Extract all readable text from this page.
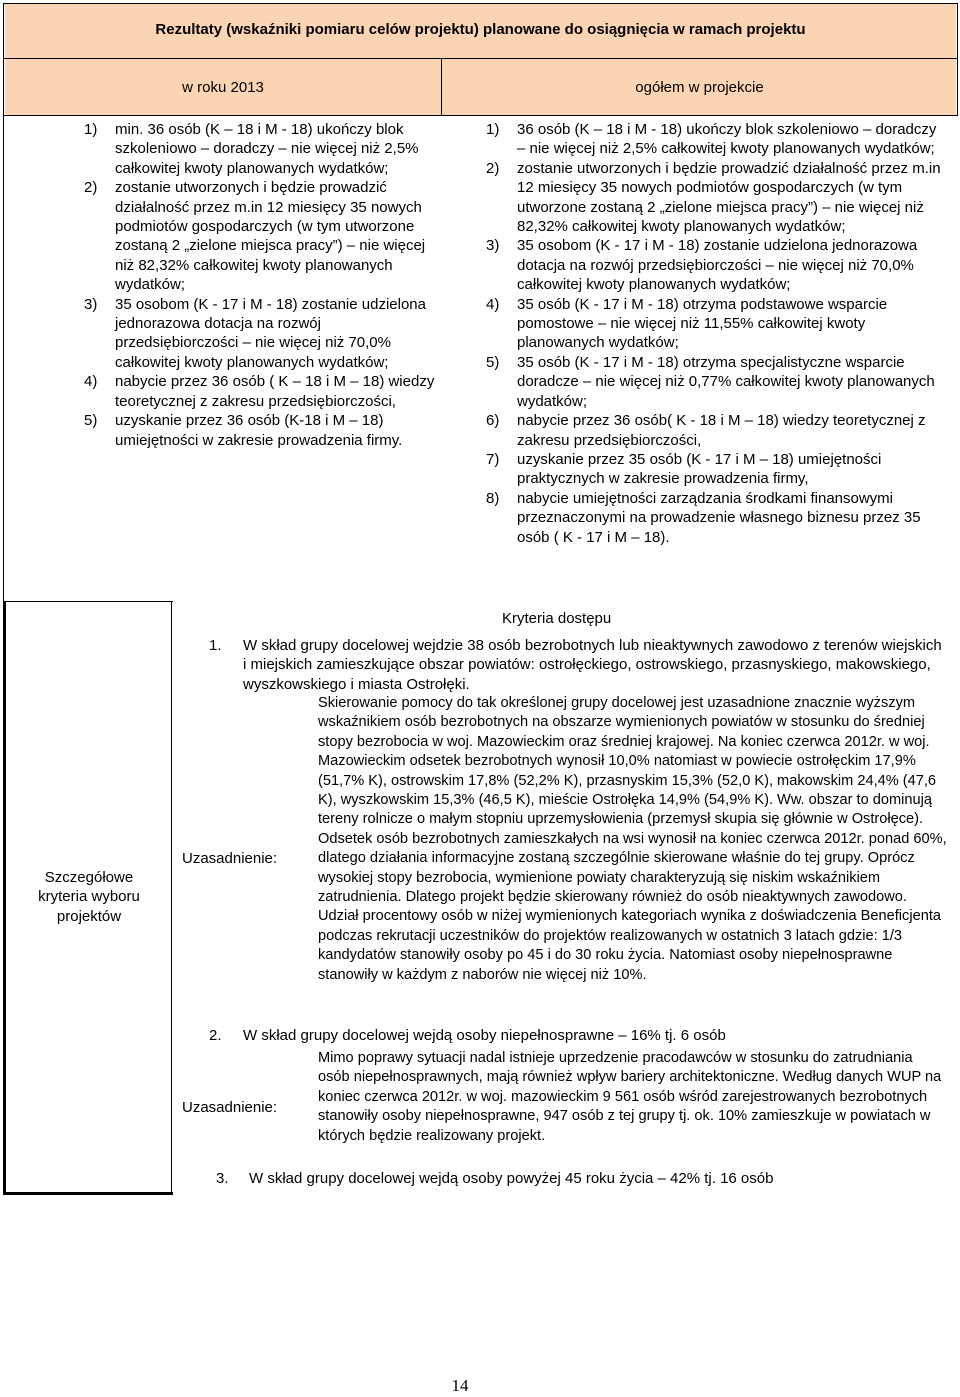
Rezultaty (wskaźniki pomiaru celów projektu) planowane do osiągnięcia w ramach projektu
w roku 2013	ogółem w projekcie
1) min. 36 osób (K – 18 i M - 18) ukończy blok szkoleniowo – doradczy – nie więcej niż 2,5% całkowitej kwoty planowanych wydatków;
2) zostanie utworzonych i będzie prowadzić działalność przez m.in 12 miesięcy 35 nowych podmiotów gospodarczych (w tym utworzone zostaną 2 „zielone miejsca pracy”) – nie więcej niż 82,32% całkowitej kwoty planowanych wydatków;
3) 35 osobom (K - 17 i M - 18) zostanie udzielona jednorazowa dotacja na rozwój przedsiębiorczości – nie więcej niż 70,0% całkowitej kwoty planowanych wydatków;
4) nabycie przez 36 osób ( K – 18 i M – 18) wiedzy teoretycznej z zakresu przedsiębiorczości,
5) uzyskanie przez 36 osób (K-18 i M – 18) umiejętności w zakresie prowadzenia firmy.
1) 36 osób (K – 18 i M - 18) ukończy blok szkoleniowo – doradczy – nie więcej niż 2,5% całkowitej kwoty planowanych wydatków;
2) zostanie utworzonych i będzie prowadzić działalność przez m.in 12 miesięcy 35 nowych podmiotów gospodarczych (w tym utworzone zostaną 2 „zielone miejsca pracy”) – nie więcej niż 82,32% całkowitej kwoty planowanych wydatków;
3) 35 osobom (K - 17 i M - 18) zostanie udzielona jednorazowa dotacja na rozwój przedsiębiorczości – nie więcej niż 70,0% całkowitej kwoty planowanych wydatków;
4) 35 osób (K - 17 i M - 18) otrzyma podstawowe wsparcie pomostowe – nie więcej niż 11,55% całkowitej kwoty planowanych wydatków;
5) 35 osób (K - 17 i M - 18) otrzyma specjalistyczne wsparcie doradcze – nie więcej niż 0,77% całkowitej kwoty planowanych wydatków;
6) nabycie przez 36 osób( K - 18 i M – 18) wiedzy teoretycznej z zakresu przedsiębiorczości,
7) uzyskanie przez 35 osób (K - 17 i M – 18) umiejętności praktycznych w zakresie prowadzenia firmy,
8) nabycie umiejętności zarządzania środkami finansowymi przeznaczonymi na prowadzenie własnego biznesu przez 35 osób ( K - 17 i M – 18).
Kryteria dostępu
Szczegółowe kryteria wyboru projektów
1. W skład grupy docelowej wejdzie 38 osób bezrobotnych lub nieaktywnych zawodowo z terenów wiejskich i miejskich zamieszkujące obszar powiatów: ostrołęckiego, ostrowskiego, przasnyskiego, makowskiego, wyszkowskiego i miasta Ostrołęki.
Uzasadnienie:
Skierowanie pomocy do tak określonej grupy docelowej jest uzasadnione znacznie wyższym wskaźnikiem osób bezrobotnych na obszarze wymienionych powiatów w stosunku do średniej stopy bezrobocia w woj. Mazowieckim oraz średniej krajowej. Na koniec czerwca 2012r. w woj. Mazowieckim odsetek bezrobotnych wynosił 10,0% natomiast w powiecie ostrołęckim 17,9% (51,7% K), ostrowskim 17,8% (52,2% K), przasnyskim 15,3% (52,0 K), makowskim 24,4% (47,6 K), wyszkowskim 15,3% (46,5 K), mieście Ostrołęka 14,9% (54,9% K). Ww. obszar to dominują tereny rolnicze o małym stopniu uprzemysłowienia (przemysł skupia się głównie w Ostrołęce). Odsetek osób bezrobotnych zamieszkałych na wsi wynosił na koniec czerwca 2012r. ponad 60%, dlatego działania informacyjne zostaną szczególnie skierowane właśnie do tej grupy. Oprócz wysokiej stopy bezrobocia, wymienione powiaty charakteryzują się niskim wskaźnikiem zatrudnienia. Dlatego projekt będzie skierowany również do osób nieaktywnych zawodowo. Udział procentowy osób w niżej wymienionych kategoriach wynika z doświadczenia Beneficjenta podczas rekrutacji uczestników do projektów realizowanych w ostatnich 3 latach gdzie: 1/3 kandydatów stanowiły osoby po 45 i do 30 roku życia. Natomiast osoby niepełnosprawne stanowiły w każdym z naborów nie więcej niż 10%.
2. W skład grupy docelowej wejdą osoby niepełnosprawne – 16% tj. 6 osób
Uzasadnienie:
Mimo poprawy sytuacji nadal istnieje uprzedzenie pracodawców w stosunku do zatrudniania osób niepełnosprawnych, mają również wpływ bariery architektoniczne. Według danych WUP na koniec czerwca 2012r. w woj. mazowieckim 9 561 osób wśród zarejestrowanych bezrobotnych stanowiły osoby niepełnosprawne, 947 osób z tej grupy tj. ok. 10% zamieszkuje w powiatach w których będzie realizowany projekt.
3. W skład grupy docelowej wejdą osoby powyżej 45 roku życia – 42% tj. 16 osób
14
